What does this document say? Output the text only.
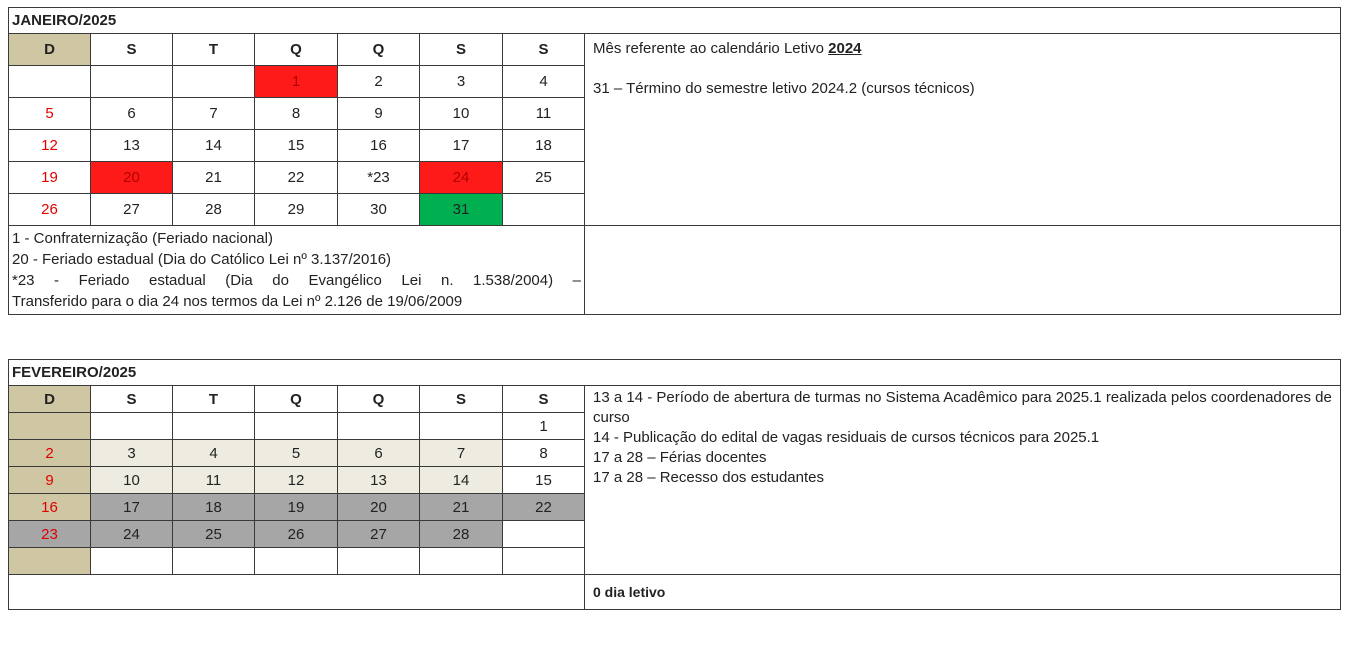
JANEIRO/2025							
D	S	T	Q	Q	S	S	Mês referente ao calendário Letivo 2024
31 – Término do semestre letivo 2024.2 (cursos técnicos)

			1	2	3	4	
5	6	7	8	9	10	11	
12	13	14	15	16	17	18	
19	20	21	22	*23	24	25	
26	27	28	29	30	31		

1 - Confraternização (Feriado nacional)
20 - Feriado estadual (Dia do Católico Lei nº 3.137/2016)
*23 - Feriado estadual (Dia do Evangélico Lei n. 1.538/2004) –
Transferido para o dia 24 nos termos da Lei nº 2.126 de 19/06/2009							

FEVEREIRO/2025							
D	S	T	Q	Q	S	S	13 a 14 - Período de abertura de turmas no Sistema Acadêmico para 2025.1 realizada pelos coordenadores de curso
14 - Publicação do edital de vagas residuais de cursos técnicos para 2025.1
17 a 28 – Férias docentes
17 a 28 – Recesso dos estudantes

						1	
2	3	4	5	6	7	8	
9	10	11	12	13	14	15	
16	17	18	19	20	21	22	
23	24	25	26	27	28		

							0 dia letivo
